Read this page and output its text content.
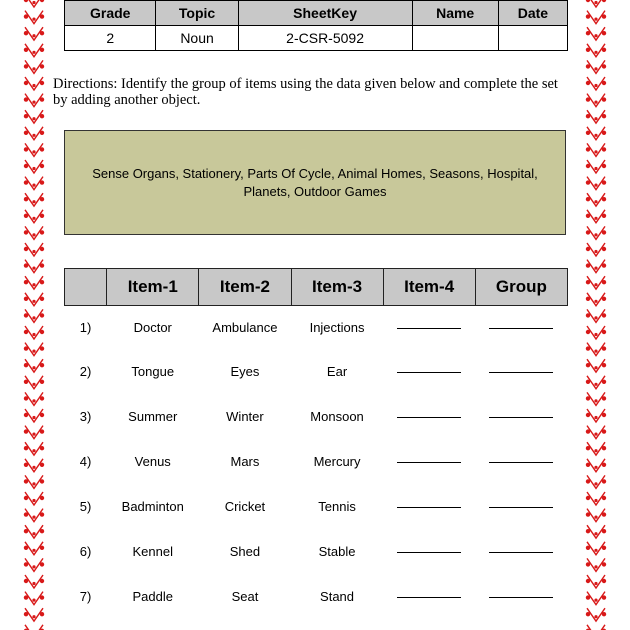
Grade	Topic	SheetKey	Name	Date
2	Noun	2-CSR-5092		
Directions: Identify the group of items using the data given below and complete the set by adding another object.
Sense Organs, Stationery, Parts Of Cycle, Animal Homes, Seasons, Hospital, Planets, Outdoor Games
	Item-1	Item-2	Item-3	Item-4	Group
1)	Doctor	Ambulance	Injections		
2)	Tongue	Eyes	Ear		
3)	Summer	Winter	Monsoon		
4)	Venus	Mars	Mercury		
5)	Badminton	Cricket	Tennis		
6)	Kennel	Shed	Stable		
7)	Paddle	Seat	Stand		
